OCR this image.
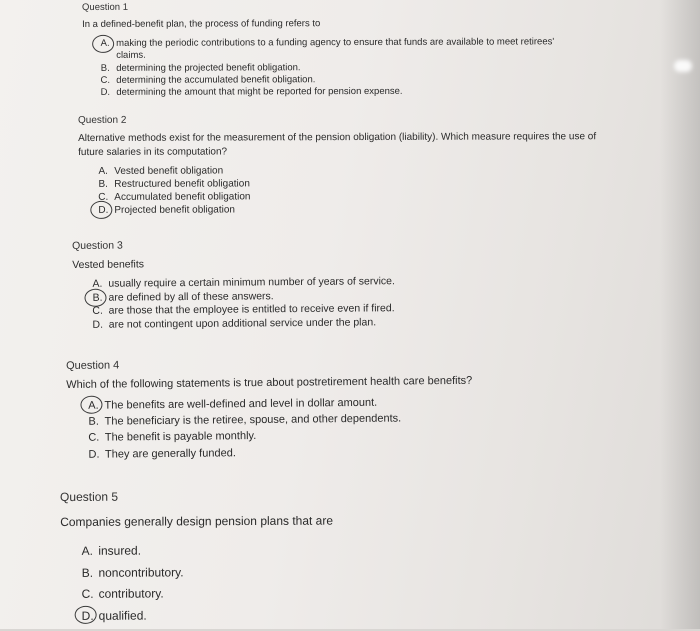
Question 1
In a defined-benefit plan, the process of funding refers to
A. making the periodic contributions to a funding agency to ensure that funds are available to meet retirees' claims.
B. determining the projected benefit obligation.
C. determining the accumulated benefit obligation.
D. determining the amount that might be reported for pension expense.
Question 2
Alternative methods exist for the measurement of the pension obligation (liability). Which measure requires the use of future salaries in its computation?
A. Vested benefit obligation
B. Restructured benefit obligation
C. Accumulated benefit obligation
D. Projected benefit obligation
Question 3
Vested benefits
A. usually require a certain minimum number of years of service.
B. are defined by all of these answers.
C. are those that the employee is entitled to receive even if fired.
D. are not contingent upon additional service under the plan.
Question 4
Which of the following statements is true about postretirement health care benefits?
A. The benefits are well-defined and level in dollar amount.
B. The beneficiary is the retiree, spouse, and other dependents.
C. The benefit is payable monthly.
D. They are generally funded.
Question 5
Companies generally design pension plans that are
A. insured.
B. noncontributory.
C. contributory.
D. qualified.
